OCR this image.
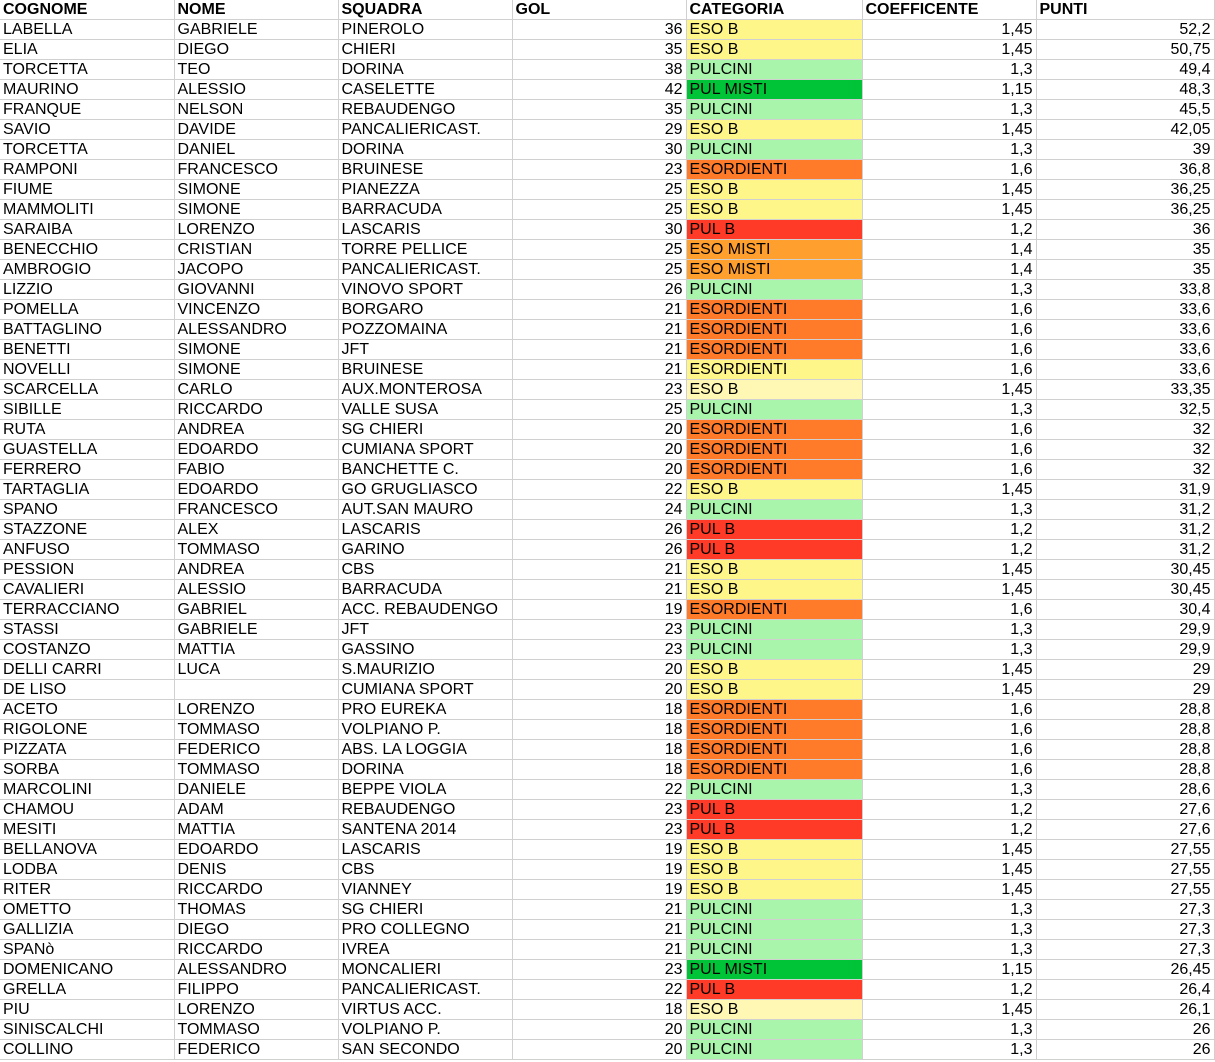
COGNOME	NOME	SQUADRA	GOL	CATEGORIA	COEFFICENTE	PUNTI
LABELLA	GABRIELE	PINEROLO	36	ESO B	1,45	52,2
ELIA	DIEGO	CHIERI	35	ESO B	1,45	50,75
TORCETTA	TEO	DORINA	38	PULCINI	1,3	49,4
MAURINO	ALESSIO	CASELETTE	42	PUL MISTI	1,15	48,3
FRANQUE	NELSON	REBAUDENGO	35	PULCINI	1,3	45,5
SAVIO	DAVIDE	PANCALIERICAST.	29	ESO B	1,45	42,05
TORCETTA	DANIEL	DORINA	30	PULCINI	1,3	39
RAMPONI	FRANCESCO	BRUINESE	23	ESORDIENTI	1,6	36,8
FIUME	SIMONE	PIANEZZA	25	ESO B	1,45	36,25
MAMMOLITI	SIMONE	BARRACUDA	25	ESO B	1,45	36,25
SARAIBA	LORENZO	LASCARIS	30	PUL B	1,2	36
BENECCHIO	CRISTIAN	TORRE PELLICE	25	ESO MISTI	1,4	35
AMBROGIO	JACOPO	PANCALIERICAST.	25	ESO MISTI	1,4	35
LIZZIO	GIOVANNI	VINOVO SPORT	26	PULCINI	1,3	33,8
POMELLA	VINCENZO	BORGARO	21	ESORDIENTI	1,6	33,6
BATTAGLINO	ALESSANDRO	POZZOMAINA	21	ESORDIENTI	1,6	33,6
BENETTI	SIMONE	JFT	21	ESORDIENTI	1,6	33,6
NOVELLI	SIMONE	BRUINESE	21	ESORDIENTI	1,6	33,6
SCARCELLA	CARLO	AUX.MONTEROSA	23	ESO B	1,45	33,35
SIBILLE	RICCARDO	VALLE SUSA	25	PULCINI	1,3	32,5
RUTA	ANDREA	SG CHIERI	20	ESORDIENTI	1,6	32
GUASTELLA	EDOARDO	CUMIANA SPORT	20	ESORDIENTI	1,6	32
FERRERO	FABIO	BANCHETTE C.	20	ESORDIENTI	1,6	32
TARTAGLIA	EDOARDO	GO GRUGLIASCO	22	ESO B	1,45	31,9
SPANO	FRANCESCO	AUT.SAN MAURO	24	PULCINI	1,3	31,2
STAZZONE	ALEX	LASCARIS	26	PUL B	1,2	31,2
ANFUSO	TOMMASO	GARINO	26	PUL B	1,2	31,2
PESSION	ANDREA	CBS	21	ESO B	1,45	30,45
CAVALIERI	ALESSIO	BARRACUDA	21	ESO B	1,45	30,45
TERRACCIANO	GABRIEL	ACC. REBAUDENGO	19	ESORDIENTI	1,6	30,4
STASSI	GABRIELE	JFT	23	PULCINI	1,3	29,9
COSTANZO	MATTIA	GASSINO	23	PULCINI	1,3	29,9
DELLI CARRI	LUCA	S.MAURIZIO	20	ESO B	1,45	29
DE LISO		CUMIANA SPORT	20	ESO B	1,45	29
ACETO	LORENZO	PRO EUREKA	18	ESORDIENTI	1,6	28,8
RIGOLONE	TOMMASO	VOLPIANO P.	18	ESORDIENTI	1,6	28,8
PIZZATA	FEDERICO	ABS. LA LOGGIA	18	ESORDIENTI	1,6	28,8
SORBA	TOMMASO	DORINA	18	ESORDIENTI	1,6	28,8
MARCOLINI	DANIELE	BEPPE VIOLA	22	PULCINI	1,3	28,6
CHAMOU	ADAM	REBAUDENGO	23	PUL B	1,2	27,6
MESITI	MATTIA	SANTENA 2014	23	PUL B	1,2	27,6
BELLANOVA	EDOARDO	LASCARIS	19	ESO B	1,45	27,55
LODBA	DENIS	CBS	19	ESO B	1,45	27,55
RITER	RICCARDO	VIANNEY	19	ESO B	1,45	27,55
OMETTO	THOMAS	SG CHIERI	21	PULCINI	1,3	27,3
GALLIZIA	DIEGO	PRO COLLEGNO	21	PULCINI	1,3	27,3
SPANò	RICCARDO	IVREA	21	PULCINI	1,3	27,3
DOMENICANO	ALESSANDRO	MONCALIERI	23	PUL MISTI	1,15	26,45
GRELLA	FILIPPO	PANCALIERICAST.	22	PUL B	1,2	26,4
PIU	LORENZO	VIRTUS ACC.	18	ESO B	1,45	26,1
SINISCALCHI	TOMMASO	VOLPIANO P.	20	PULCINI	1,3	26
COLLINO	FEDERICO	SAN SECONDO	20	PULCINI	1,3	26
